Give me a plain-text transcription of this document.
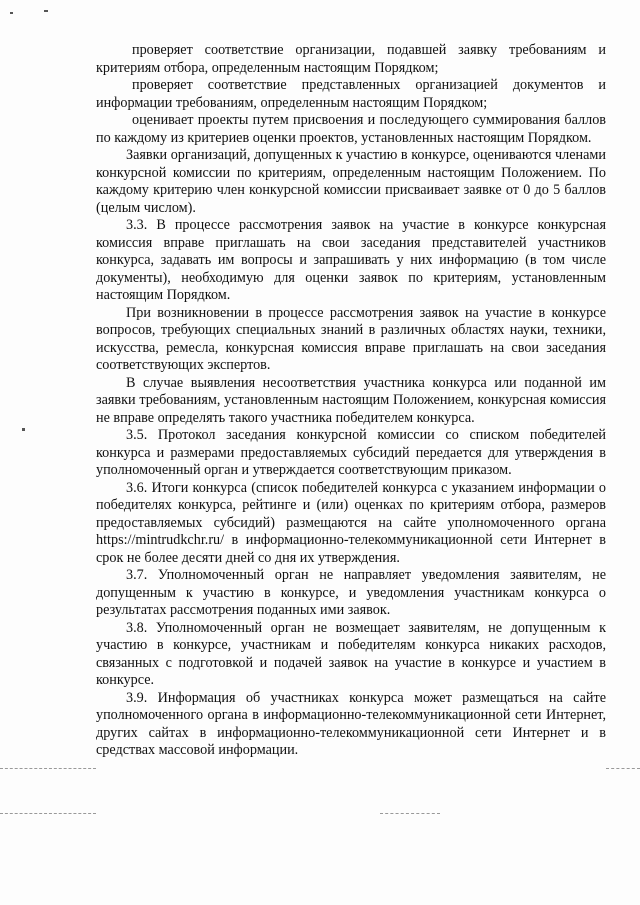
проверяет соответствие организации, подавшей заявку требованиям и критериям отбора, определенным настоящим Порядком;

проверяет соответствие представленных организацией документов и информации требованиям, определенным настоящим Порядком;

оценивает проекты путем присвоения и последующего суммирования баллов по каждому из критериев оценки проектов, установленных настоящим Порядком.

Заявки организаций, допущенных к участию в конкурсе, оцениваются членами конкурсной комиссии по критериям, определенным настоящим Положением. По каждому критерию член конкурсной комиссии присваивает заявке от 0 до 5 баллов (целым числом).

3.3. В процессе рассмотрения заявок на участие в конкурсе конкурсная комиссия вправе приглашать на свои заседания представителей участников конкурса, задавать им вопросы и запрашивать у них информацию (в том числе документы), необходимую для оценки заявок по критериям, установленным настоящим Порядком.

При возникновении в процессе рассмотрения заявок на участие в конкурсе вопросов, требующих специальных знаний в различных областях науки, техники, искусства, ремесла, конкурсная комиссия вправе приглашать на свои заседания соответствующих экспертов.

В случае выявления несоответствия участника конкурса или поданной им заявки требованиям, установленным настоящим Положением, конкурсная комиссия не вправе определять такого участника победителем конкурса.

3.5. Протокол заседания конкурсной комиссии со списком победителей конкурса и размерами предоставляемых субсидий передается для утверждения в уполномоченный орган и утверждается соответствующим приказом.

3.6. Итоги конкурса (список победителей конкурса с указанием информации о победителях конкурса, рейтинге и (или) оценках по критериям отбора, размеров предоставляемых субсидий) размещаются на сайте уполномоченного органа https://mintrudkchr.ru/ в информационно-телекоммуникационной сети Интернет в срок не более десяти дней со дня их утверждения.

3.7. Уполномоченный орган не направляет уведомления заявителям, не допущенным к участию в конкурсе, и уведомления участникам конкурса о результатах рассмотрения поданных ими заявок.

3.8. Уполномоченный орган не возмещает заявителям, не допущенным к участию в конкурсе, участникам и победителям конкурса никаких расходов, связанных с подготовкой и подачей заявок на участие в конкурсе и участием в конкурсе.

3.9. Информация об участниках конкурса может размещаться на сайте уполномоченного органа в информационно-телекоммуникационной сети Интернет, других сайтах в информационно-телекоммуникационной сети Интернет и в средствах массовой информации.
